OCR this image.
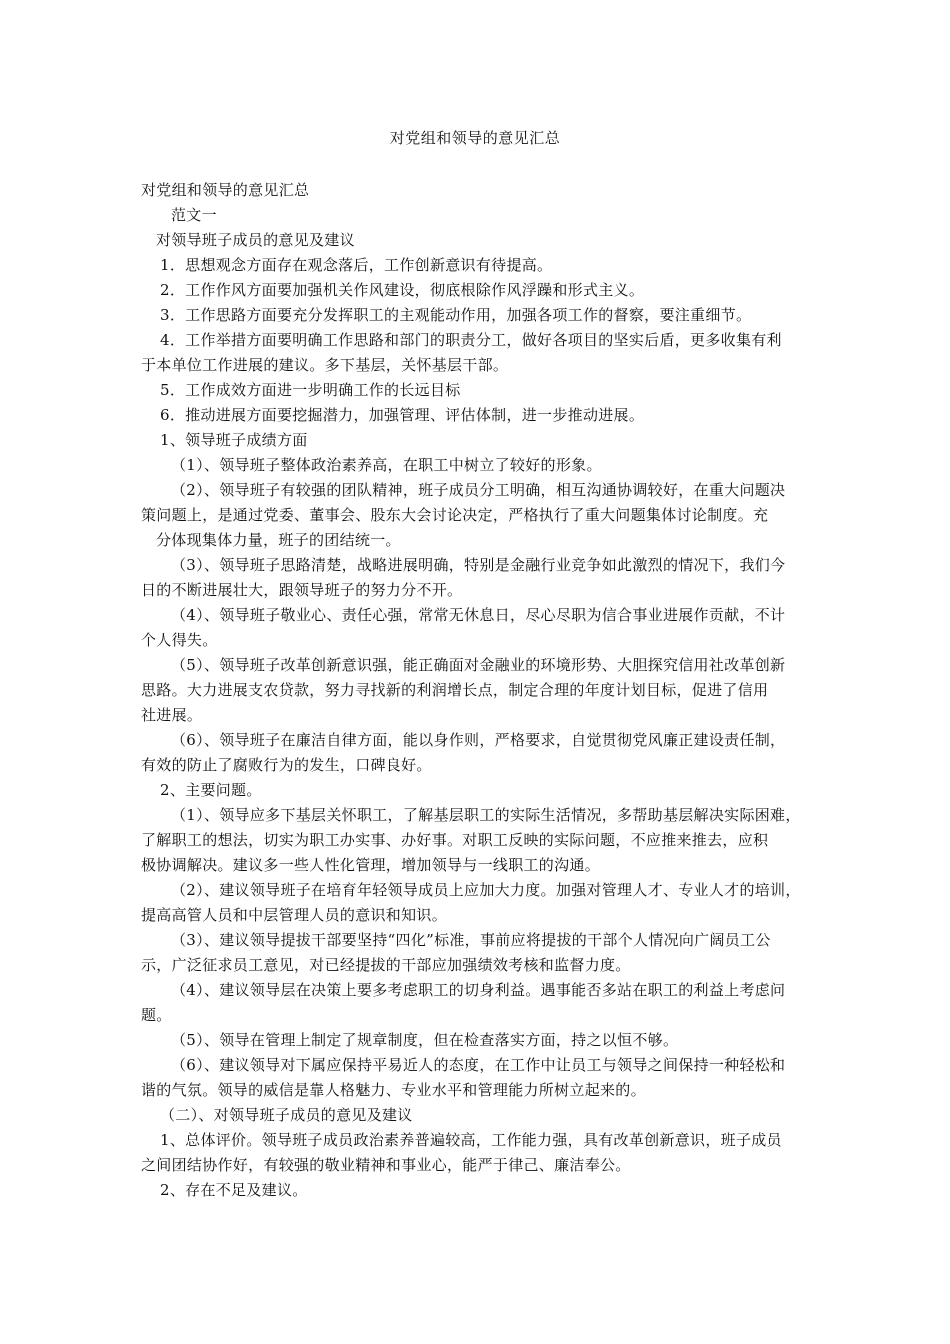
对党组和领导的意见汇总
对党组和领导的意见汇总
范文一
对领导班子成员的意见及建议
1．思想观念方面存在观念落后，工作创新意识有待提高。
2．工作作风方面要加强机关作风建设，彻底根除作风浮躁和形式主义。
3．工作思路方面要充分发挥职工的主观能动作用，加强各项工作的督察，要注重细节。
4．工作举措方面要明确工作思路和部门的职责分工，做好各项目的坚实后盾，更多收集有利
于本单位工作进展的建议。多下基层，关怀基层干部。
5．工作成效方面进一步明确工作的长远目标
6．推动进展方面要挖掘潜力，加强管理、评估体制，进一步推动进展。
1、领导班子成绩方面
（1）、领导班子整体政治素养高，在职工中树立了较好的形象。
（2）、领导班子有较强的团队精神，班子成员分工明确，相互沟通协调较好，在重大问题决
策问题上，是通过党委、董事会、股东大会讨论决定，严格执行了重大问题集体讨论制度。充
分体现集体力量，班子的团结统一。
（3）、领导班子思路清楚，战略进展明确，特别是金融行业竞争如此激烈的情况下，我们今
日的不断进展壮大，跟领导班子的努力分不开。
（4）、领导班子敬业心、责任心强，常常无休息日，尽心尽职为信合事业进展作贡献，不计
个人得失。
（5）、领导班子改革创新意识强，能正确面对金融业的环境形势、大胆探究信用社改革创新
思路。大力进展支农贷款，努力寻找新的利润增长点，制定合理的年度计划目标，促进了信用
社进展。
（6）、领导班子在廉洁自律方面，能以身作则，严格要求，自觉贯彻党风廉正建设责任制，
有效的防止了腐败行为的发生，口碑良好。
2、主要问题。
（1）、领导应多下基层关怀职工，了解基层职工的实际生活情况，多帮助基层解决实际困难，
了解职工的想法，切实为职工办实事、办好事。对职工反映的实际问题，不应推来推去，应积
极协调解决。建议多一些人性化管理，增加领导与一线职工的沟通。
（2）、建议领导班子在培育年轻领导成员上应加大力度。加强对管理人才、专业人才的培训，
提高高管人员和中层管理人员的意识和知识。
（3）、建议领导提拔干部要坚持“四化”标准，事前应将提拔的干部个人情况向广阔员工公
示，广泛征求员工意见，对已经提拔的干部应加强绩效考核和监督力度。
（4）、建议领导层在决策上要多考虑职工的切身利益。遇事能否多站在职工的利益上考虑问
题。
（5）、领导在管理上制定了规章制度，但在检查落实方面，持之以恒不够。
（6）、建议领导对下属应保持平易近人的态度，在工作中让员工与领导之间保持一种轻松和
谐的气氛。领导的威信是靠人格魅力、专业水平和管理能力所树立起来的。
（二）、对领导班子成员的意见及建议
1、总体评价。领导班子成员政治素养普遍较高，工作能力强，具有改革创新意识，班子成员
之间团结协作好，有较强的敬业精神和事业心，能严于律己、廉洁奉公。
2、存在不足及建议。
